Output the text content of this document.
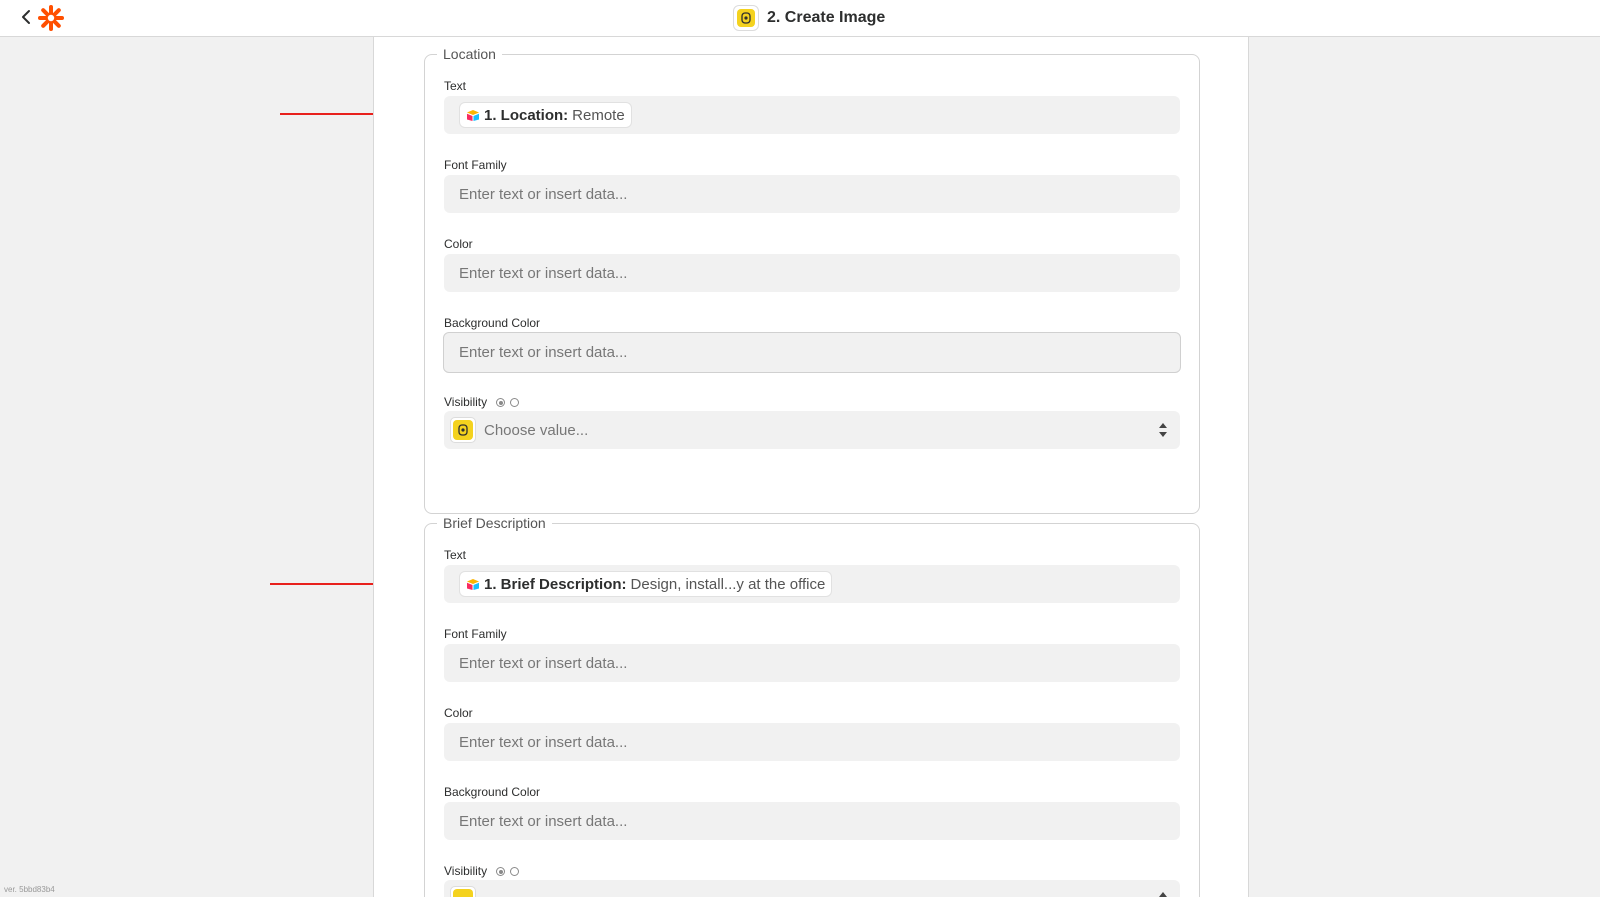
2. Create Image
Location
Text
1. Location: Remote
Font Family
Enter text or insert data...
Color
Enter text or insert data...
Background Color
Enter text or insert data...
Visibility
Choose value...
Brief Description
Text
1. Brief Description: Design, install...y at the office
Font Family
Enter text or insert data...
Color
Enter text or insert data...
Background Color
Enter text or insert data...
Visibility
ver. 5bbd83b4
